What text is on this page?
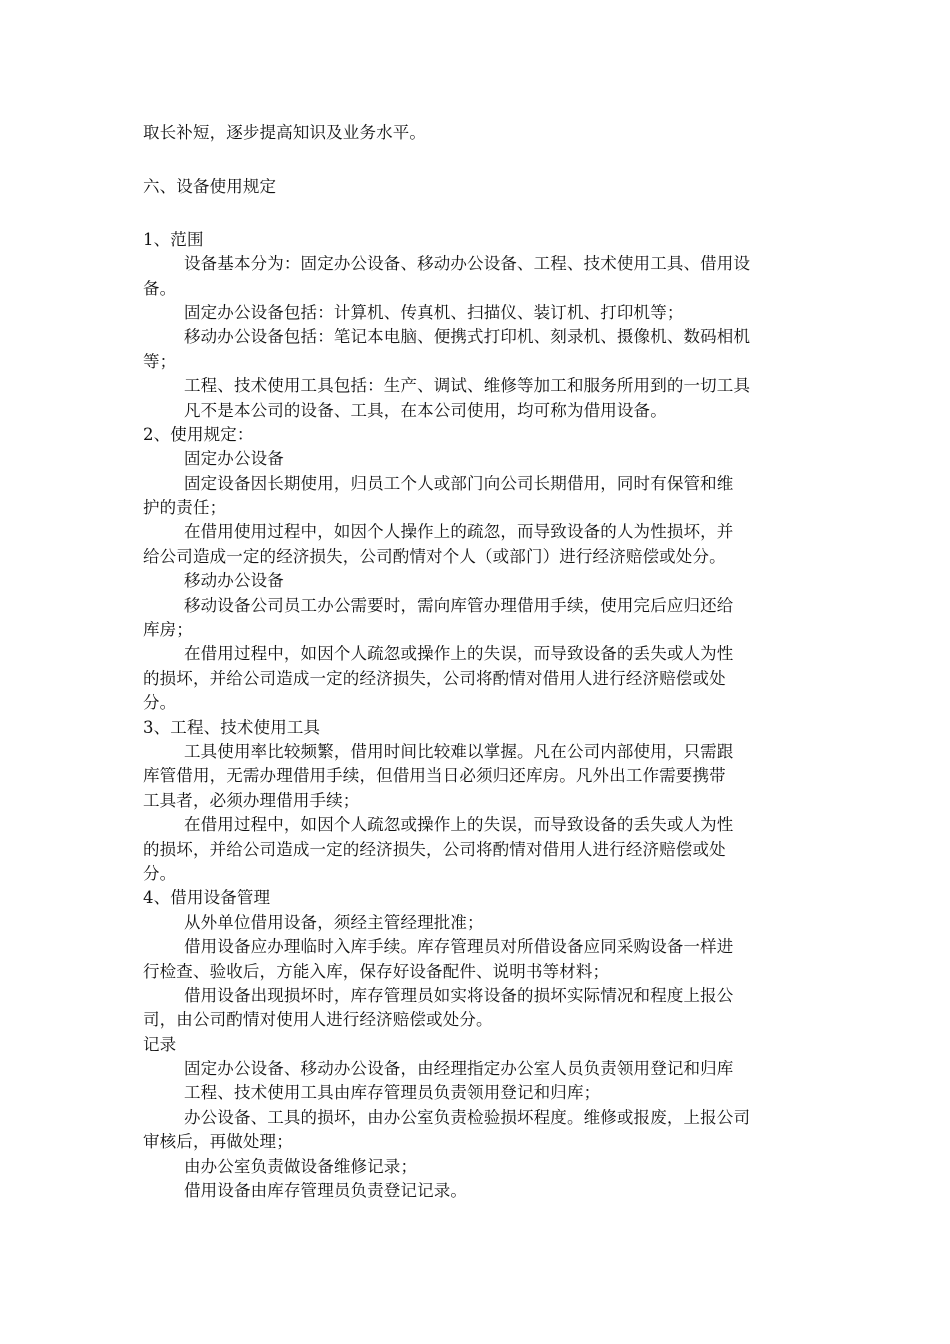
取长补短，逐步提高知识及业务水平。
六、设备使用规定
1、范围
设备基本分为：固定办公设备、移动办公设备、工程、技术使用工具、借用设
备。
固定办公设备包括：计算机、传真机、扫描仪、装订机、打印机等；
移动办公设备包括：笔记本电脑、便携式打印机、刻录机、摄像机、数码相机
等；
工程、技术使用工具包括：生产、调试、维修等加工和服务所用到的一切工具
凡不是本公司的设备、工具，在本公司使用，均可称为借用设备。
2、使用规定：
固定办公设备
固定设备因长期使用，归员工个人或部门向公司长期借用，同时有保管和维
护的责任；
在借用使用过程中，如因个人操作上的疏忽，而导致设备的人为性损坏，并
给公司造成一定的经济损失，公司酌情对个人（或部门）进行经济赔偿或处分。
移动办公设备
移动设备公司员工办公需要时，需向库管办理借用手续，使用完后应归还给
库房；
在借用过程中，如因个人疏忽或操作上的失误，而导致设备的丢失或人为性
的损坏，并给公司造成一定的经济损失，公司将酌情对借用人进行经济赔偿或处
分。
3、工程、技术使用工具
工具使用率比较频繁，借用时间比较难以掌握。凡在公司内部使用，只需跟
库管借用，无需办理借用手续，但借用当日必须归还库房。凡外出工作需要携带
工具者，必须办理借用手续；
在借用过程中，如因个人疏忽或操作上的失误，而导致设备的丢失或人为性
的损坏，并给公司造成一定的经济损失，公司将酌情对借用人进行经济赔偿或处
分。
4、借用设备管理
从外单位借用设备，须经主管经理批准；
借用设备应办理临时入库手续。库存管理员对所借设备应同采购设备一样进
行检查、验收后，方能入库，保存好设备配件、说明书等材料；
借用设备出现损坏时，库存管理员如实将设备的损坏实际情况和程度上报公
司，由公司酌情对使用人进行经济赔偿或处分。
记录
固定办公设备、移动办公设备，由经理指定办公室人员负责领用登记和归库
工程、技术使用工具由库存管理员负责领用登记和归库；
办公设备、工具的损坏，由办公室负责检验损坏程度。维修或报废，上报公司
审核后，再做处理；
由办公室负责做设备维修记录；
借用设备由库存管理员负责登记记录。
